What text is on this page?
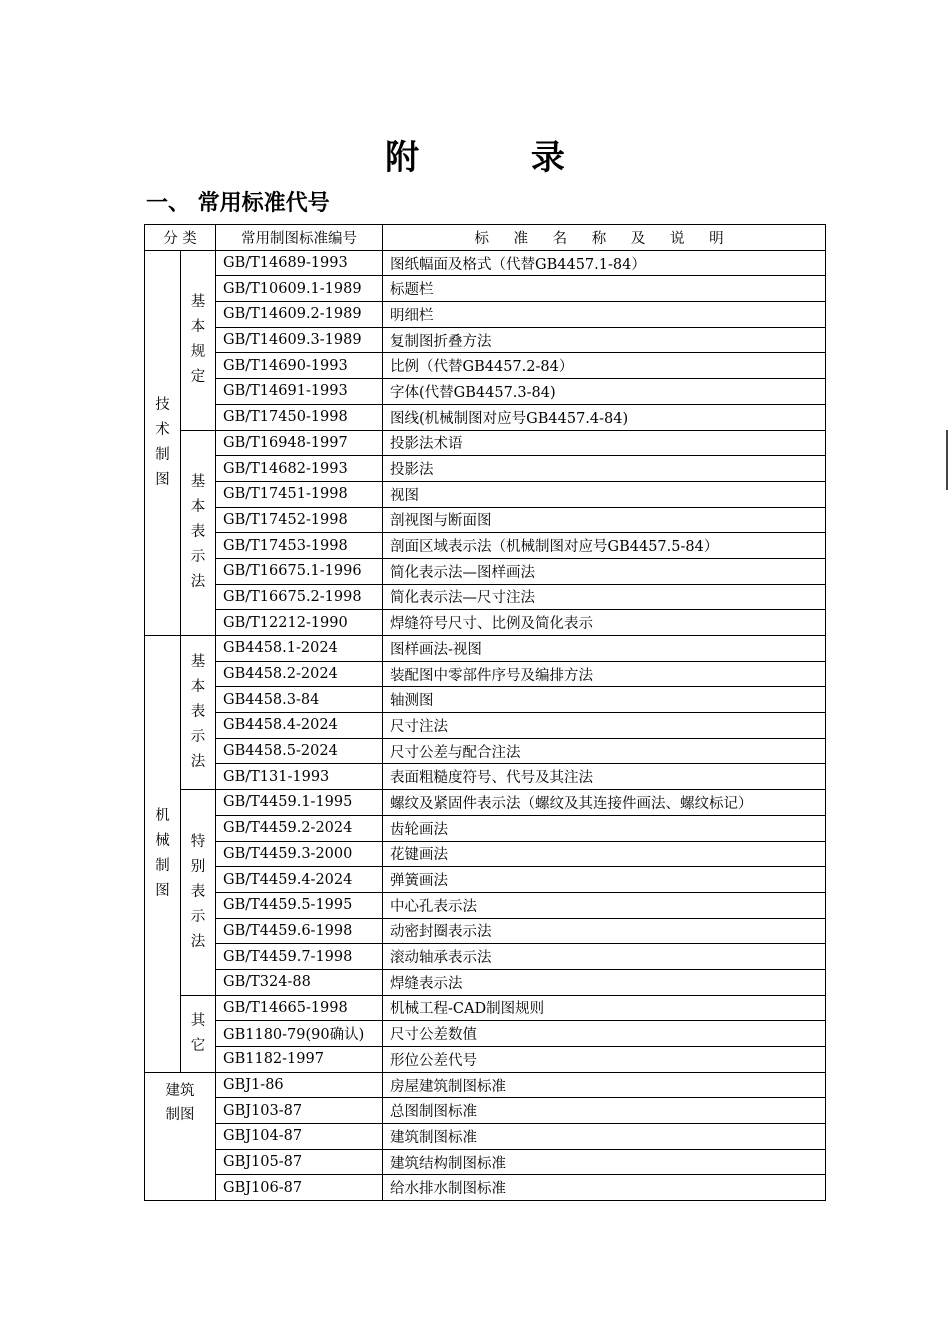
附 录
一、 常用标准代号
分 类		常用制图标准编号	标 准 名 称 及 说 明
技术制图	基本规定	GB/T14689-1993	图纸幅面及格式（代替GB4457.1-84）
		GB/T10609.1-1989	标题栏
		GB/T14609.2-1989	明细栏
		GB/T14609.3-1989	复制图折叠方法
		GB/T14690-1993	比例（代替GB4457.2-84）
		GB/T14691-1993	字体(代替GB4457.3-84)
		GB/T17450-1998	图线(机械制图对应号GB4457.4-84)
	基本表示法	GB/T16948-1997	投影法术语
		GB/T14682-1993	投影法
		GB/T17451-1998	视图
		GB/T17452-1998	剖视图与断面图
		GB/T17453-1998	剖面区域表示法（机械制图对应号GB4457.5-84）
		GB/T16675.1-1996	简化表示法—图样画法
		GB/T16675.2-1998	简化表示法—尺寸注法
		GB/T12212-1990	焊缝符号尺寸、比例及简化表示
机械制图	基本表示法	GB4458.1-2024	图样画法-视图
		GB4458.2-2024	装配图中零部件序号及编排方法
		GB4458.3-84	轴测图
		GB4458.4-2024	尺寸注法
		GB4458.5-2024	尺寸公差与配合注法
		GB/T131-1993	表面粗糙度符号、代号及其注法
	特别表示法	GB/T4459.1-1995	螺纹及紧固件表示法（螺纹及其连接件画法、螺纹标记）
		GB/T4459.2-2024	齿轮画法
		GB/T4459.3-2000	花键画法
		GB/T4459.4-2024	弹簧画法
		GB/T4459.5-1995	中心孔表示法
		GB/T4459.6-1998	动密封圈表示法
		GB/T4459.7-1998	滚动轴承表示法
		GB/T324-88	焊缝表示法
	其它	GB/T14665-1998	机械工程-CAD制图规则
		GB1180-79(90确认)	尺寸公差数值
		GB1182-1997	形位公差代号
建筑制图		GBJ1-86	房屋建筑制图标准
		GBJ103-87	总图制图标准
		GBJ104-87	建筑制图标准
		GBJ105-87	建筑结构制图标准
		GBJ106-87	给水排水制图标准
